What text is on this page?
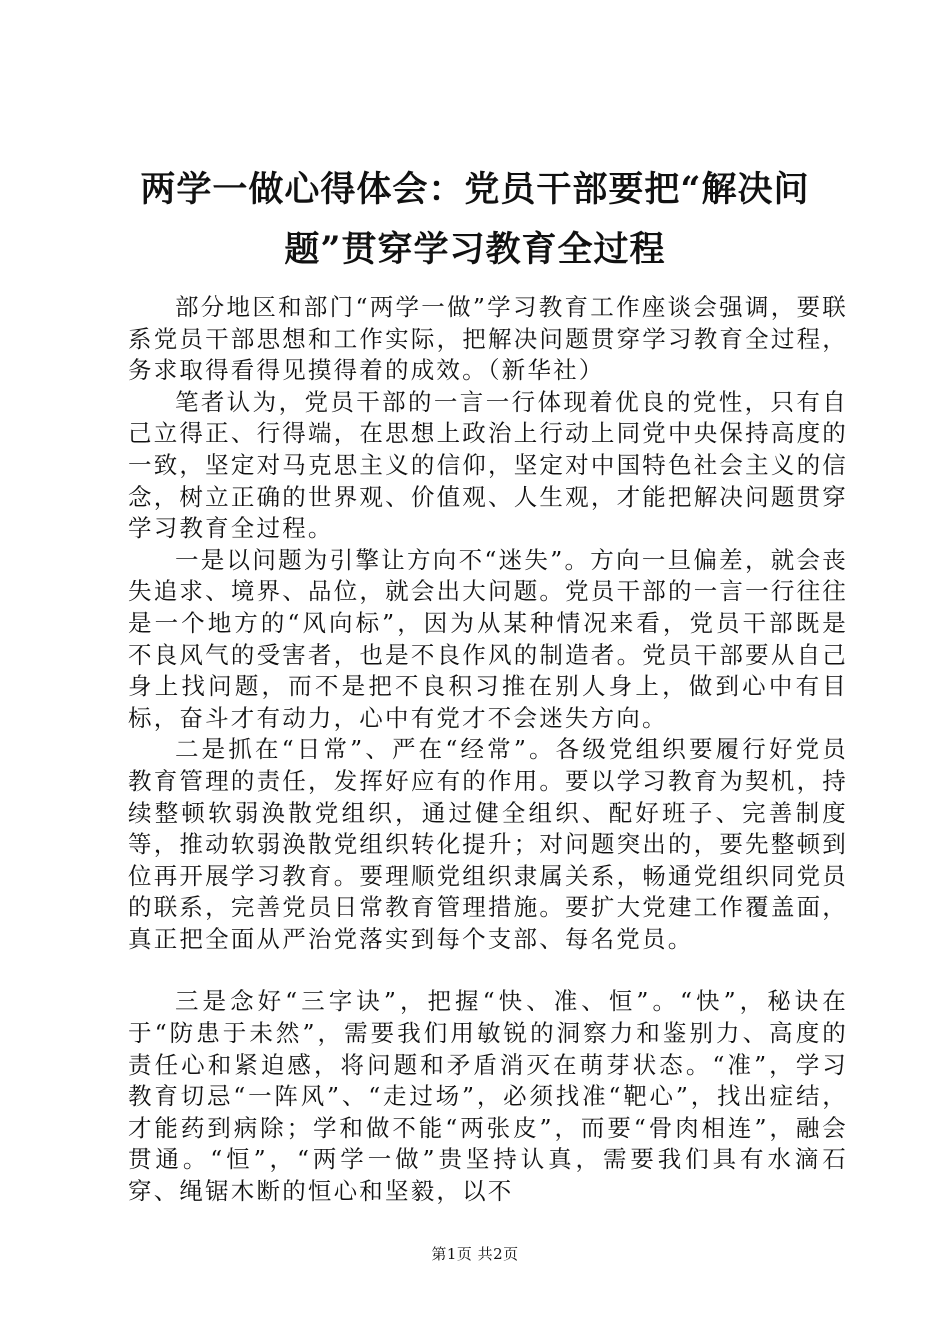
两学一做心得体会：党员干部要把“解决问题”贯穿学习教育全过程

部分地区和部门“两学一做”学习教育工作座谈会强调，要联系党员干部思想和工作实际，把解决问题贯穿学习教育全过程，务求取得看得见摸得着的成效。（新华社）

笔者认为，党员干部的一言一行体现着优良的党性，只有自己立得正、行得端，在思想上政治上行动上同党中央保持高度的一致，坚定对马克思主义的信仰，坚定对中国特色社会主义的信念，树立正确的世界观、价值观、人生观，才能把解决问题贯穿学习教育全过程。

一是以问题为引擎让方向不“迷失”。方向一旦偏差，就会丧失追求、境界、品位，就会出大问题。党员干部的一言一行往往是一个地方的“风向标”，因为从某种情况来看，党员干部既是不良风气的受害者，也是不良作风的制造者。党员干部要从自己身上找问题，而不是把不良积习推在别人身上，做到心中有目标，奋斗才有动力，心中有党才不会迷失方向。

二是抓在“日常”、严在“经常”。各级党组织要履行好党员教育管理的责任，发挥好应有的作用。要以学习教育为契机，持续整顿软弱涣散党组织，通过健全组织、配好班子、完善制度等，推动软弱涣散党组织转化提升；对问题突出的，要先整顿到位再开展学习教育。要理顺党组织隶属关系，畅通党组织同党员的联系，完善党员日常教育管理措施。要扩大党建工作覆盖面，真正把全面从严治党落实到每个支部、每名党员。

三是念好“三字诀”，把握“快、准、恒”。“快”，秘诀在于“防患于未然”，需要我们用敏锐的洞察力和鉴别力、高度的责任心和紧迫感，将问题和矛盾消灭在萌芽状态。“准”，学习教育切忌“一阵风”、“走过场”，必须找准“靶心”，找出症结，才能药到病除；学和做不能“两张皮”，而要“骨肉相连”，融会贯通。“恒”，“两学一做”贵坚持认真，需要我们具有水滴石穿、绳锯木断的恒心和坚毅，以不

第1页 共2页
